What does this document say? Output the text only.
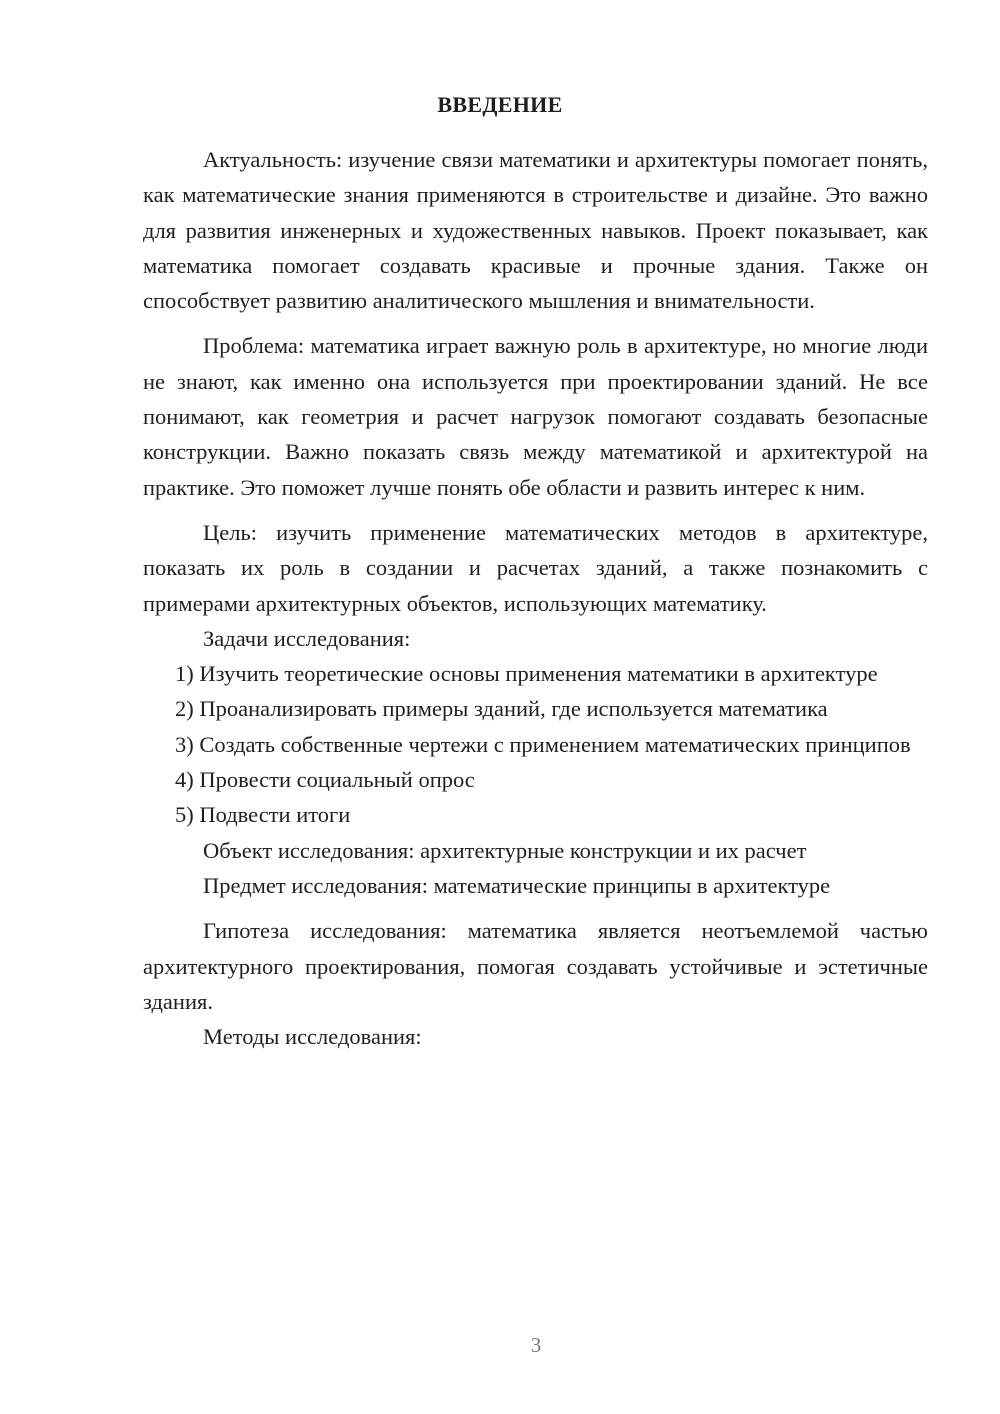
ВВЕДЕНИЕ

Актуальность: изучение связи математики и архитектуры помогает понять, как математические знания применяются в строительстве и дизайне. Это важно для развития инженерных и художественных навыков. Проект показывает, как математика помогает создавать красивые и прочные здания. Также он способствует развитию аналитического мышления и внимательности.

Проблема: математика играет важную роль в архитектуре, но многие люди не знают, как именно она используется при проектировании зданий. Не все понимают, как геометрия и расчет нагрузок помогают создавать безопасные конструкции. Важно показать связь между математикой и архитектурой на практике. Это поможет лучше понять обе области и развить интерес к ним.

Цель: изучить применение математических методов в архитектуре, показать их роль в создании и расчетах зданий, а также познакомить с примерами архитектурных объектов, использующих математику.

Задачи исследования:

1) Изучить теоретические основы применения математики в архитектуре

2) Проанализировать примеры зданий, где используется математика

3) Создать собственные чертежи с применением математических принципов

4) Провести социальный опрос

5) Подвести итоги

Объект исследования: архитектурные конструкции и их расчет

Предмет исследования: математические принципы в архитектуре

Гипотеза исследования: математика является неотъемлемой частью архитектурного проектирования, помогая создавать устойчивые и эстетичные здания.

Методы исследования:

3
